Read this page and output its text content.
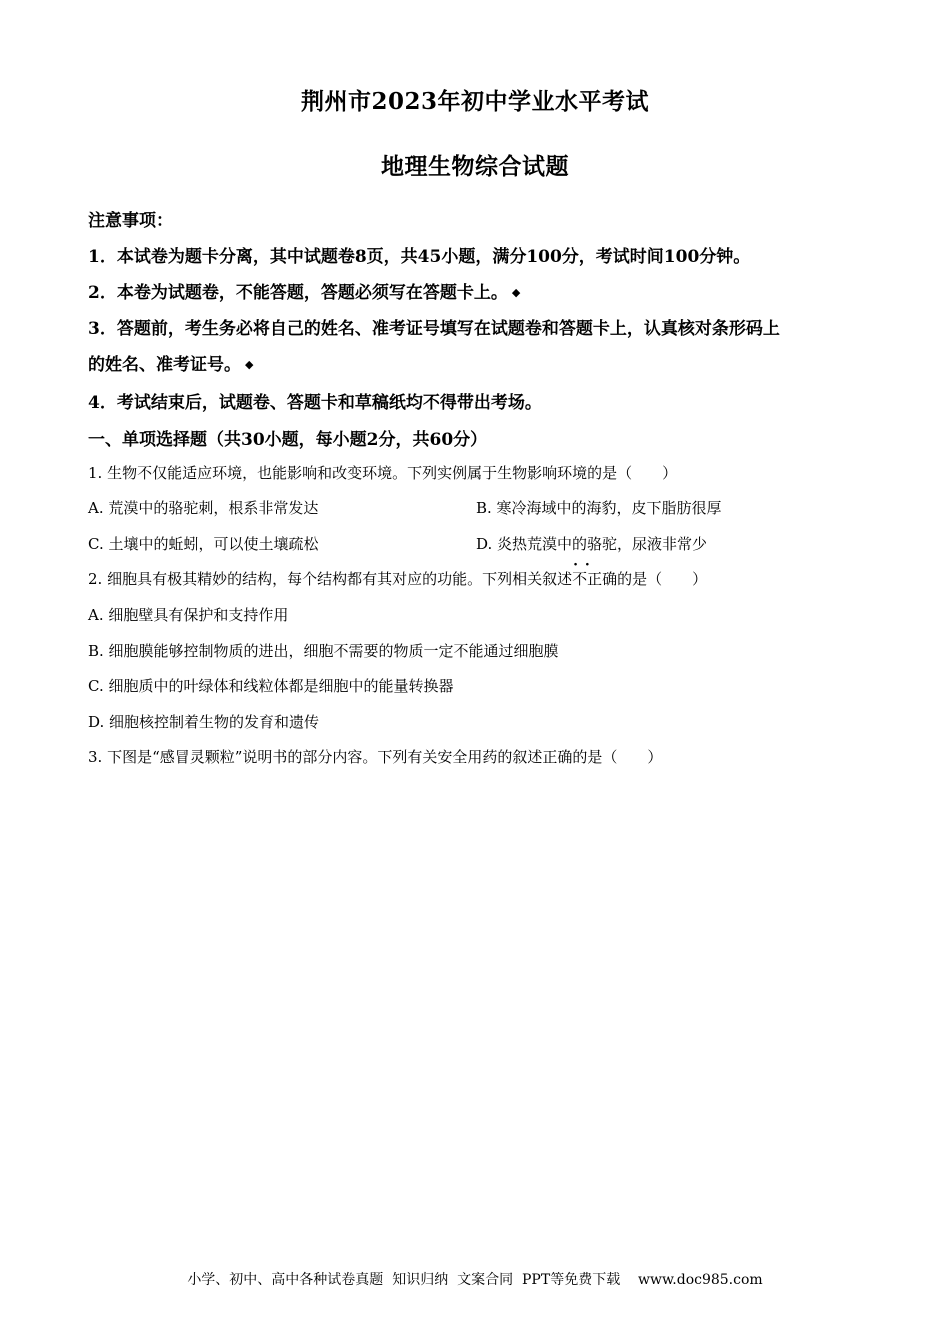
荆州市2023年初中学业水平考试
地理生物综合试题
注意事项：
1．本试卷为题卡分离，其中试题卷8页，共45小题，满分100分，考试时间100分钟。
2．本卷为试题卷，不能答题，答题必须写在答题卡上。 ◆
3．答题前，考生务必将自己的姓名、准考证号填写在试题卷和答题卡上，认真核对条形码上
的姓名、准考证号。 ◆
4．考试结束后，试题卷、答题卡和草稿纸均不得带出考场。
一、单项选择题（共30小题，每小题2分，共60分）
1. 生物不仅能适应环境，也能影响和改变环境。下列实例属于生物影响环境的是（　　）
A. 荒漠中的骆驼刺，根系非常发达	B. 寒冷海域中的海豹，皮下脂肪很厚
C. 土壤中的蚯蚓，可以使土壤疏松	D. 炎热荒漠中的骆驼，尿液非常少
2. 细胞具有极其精妙的结构，每个结构都有其对应的功能。下列相关叙述· · 不正确的是（　　）
A. 细胞壁具有保护和支持作用
B. 细胞膜能够控制物质的进出，细胞不需要的物质一定不能通过细胞膜
C. 细胞质中的叶绿体和线粒体都是细胞中的能量转换器
D. 细胞核控制着生物的发育和遗传
3. 下图是“感冒灵颗粒”说明书的部分内容。下列有关安全用药的叙述正确的是（　　）
小学、初中、高中各种试卷真题  知识归纳  文案合同  PPT等免费下载    www.doc985.com
